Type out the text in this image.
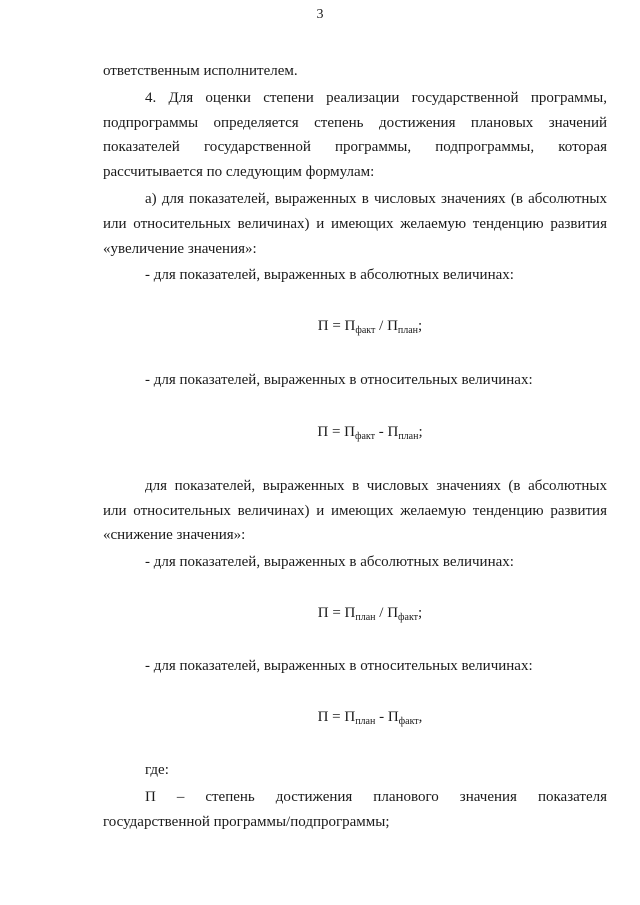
3
ответственным исполнителем.
4. Для оценки степени реализации государственной программы,
подпрограммы определяется степень достижения плановых значений
показателей государственной программы, подпрограммы, которая
рассчитывается по следующим формулам:
а) для показателей, выраженных в числовых значениях (в абсолютных
или относительных величинах) и имеющих желаемую тенденцию развития
«увеличение значения»:
- для показателей, выраженных в абсолютных величинах:
$П = П_{факт} / П_{план}$;
- для показателей, выраженных в относительных величинах:
$П = П_{факт} - П_{план}$;
для показателей, выраженных в числовых значениях (в абсолютных
или относительных величинах) и имеющих желаемую тенденцию развития
«снижение значения»:
- для показателей, выраженных в абсолютных величинах:
$П = П_{план} / П_{факт}$;
- для показателей, выраженных в относительных величинах:
$П = П_{план} - П_{факт}$,
где:
П – степень достижения планового значения показателя
государственной программы/подпрограммы;
